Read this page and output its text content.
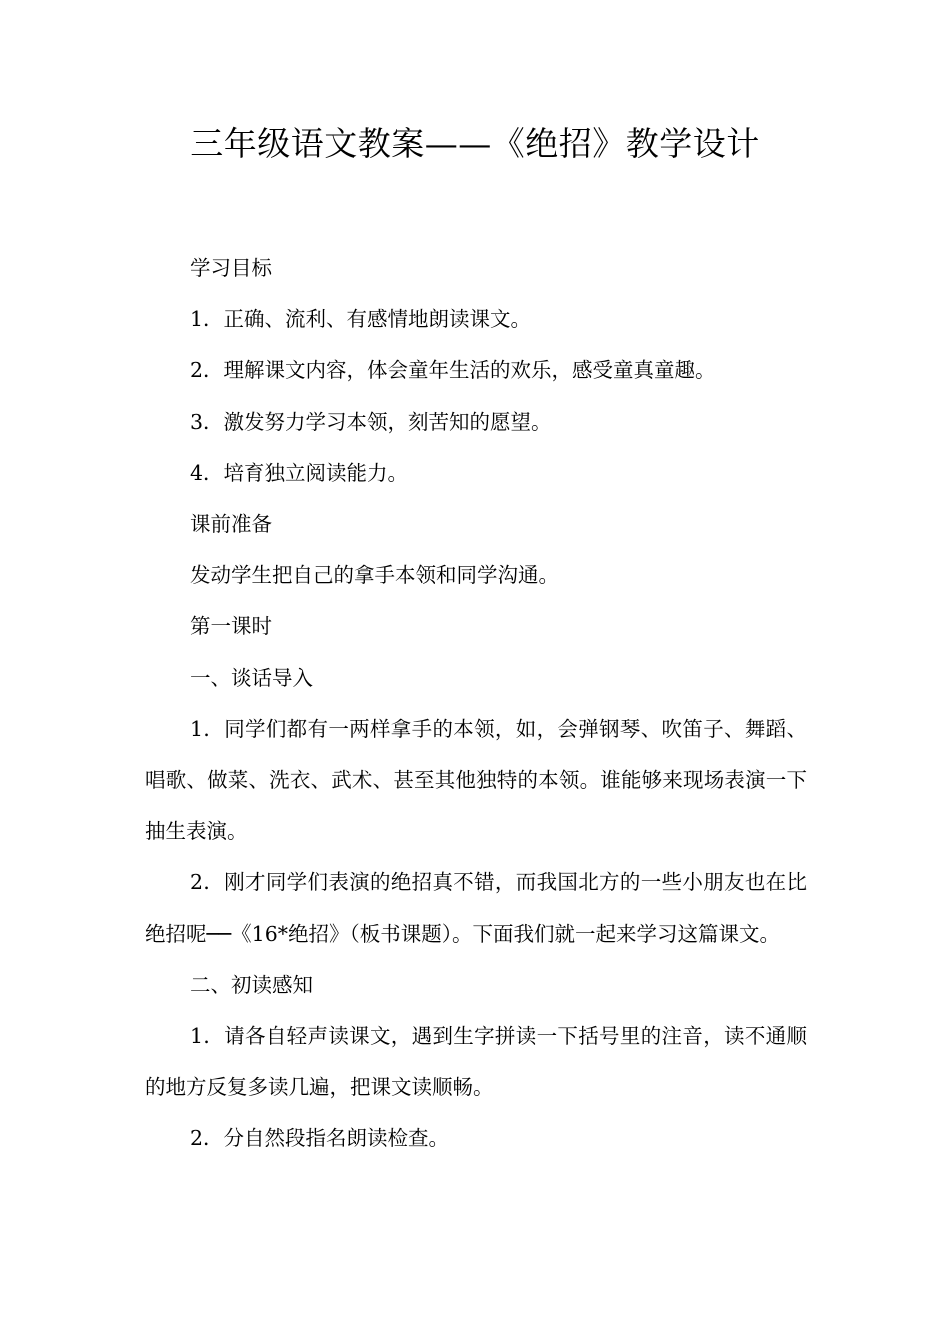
三年级语文教案——《绝招》教学设计

学习目标

1．正确、流利、有感情地朗读课文。

2．理解课文内容，体会童年生活的欢乐，感受童真童趣。

3．激发努力学习本领，刻苦知的愿望。

4．培育独立阅读能力。

课前准备

发动学生把自己的拿手本领和同学沟通。

第一课时

一、谈话导入

1．同学们都有一两样拿手的本领，如，会弹钢琴、吹笛子、舞蹈、唱歌、做菜、洗衣、武术、甚至其他独特的本领。谁能够来现场表演一下抽生表演。

2．刚才同学们表演的绝招真不错，而我国北方的一些小朋友也在比绝招呢──《16*绝招》（板书课题）。下面我们就一起来学习这篇课文。

二、初读感知

1．请各自轻声读课文，遇到生字拼读一下括号里的注音，读不通顺的地方反复多读几遍，把课文读顺畅。

2．分自然段指名朗读检查。
